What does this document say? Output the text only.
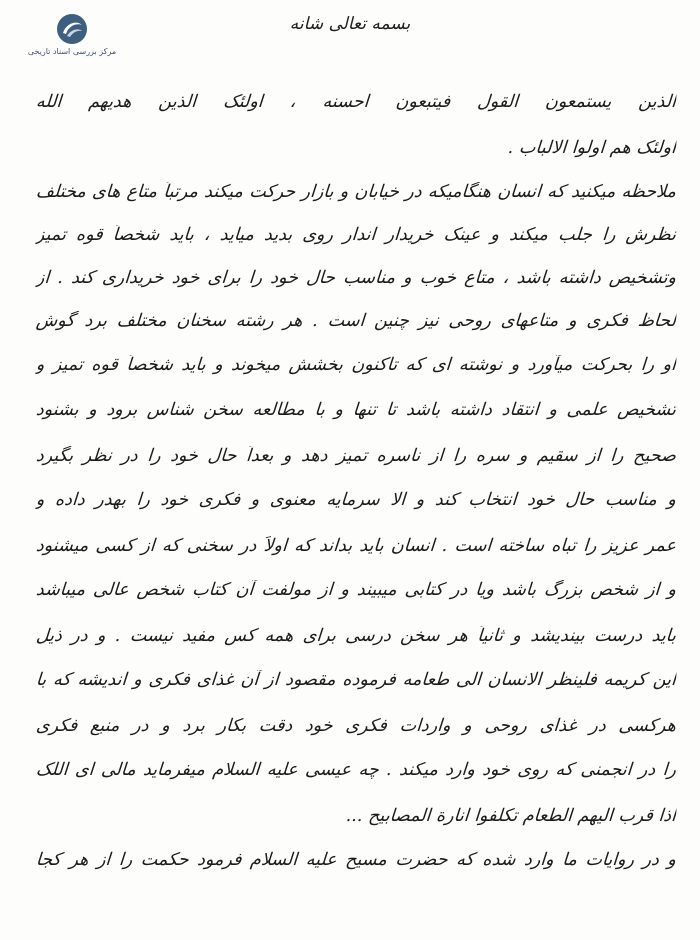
مرکز بررسی اسناد تاریخی
بسمه تعالی شانه
الذین یستمعون القول فیتبعون احسنه ، اولئک الذین هدیهم الله
اولئک هم اولوا الالباب .
ملاحظه میکنید که انسان هنگامیکه در خیابان و بازار حرکت میکند مرتباً متاع های مختلف
نظرش را جلب میکند و عینک خریدار اندار روی بدید میاید ، باید شخصاً قوه تمیز
وتشخیص داشته باشد ، متاع خوب و مناسب حال خود را برای خود خریداری کند . از
لحاظ فکری و متاعهای روحی نیز چنین است . هر رشته سخنان مختلف برد گوش
او را بحرکت میآورد و نوشته ای که تاکنون بخشش میخوند و باید شخصاً قوه تمیز و
تشخیص علمی و انتقاد داشته باشد تا تنها و با مطالعه سخن شناس برود و بشنود
صحیح را از سقیم و سره را از ناسره تمیز دهد و بعداً حال خود را در نظر بگیرد
و مناسب حال خود انتخاب کند و الا سرمایه معنوی و فکری خود را بهدر داده و
عمر عزیز را تباه ساخته است . انسان باید بداند که اولاً در سخنی که از کسی میشنود
و از شخص بزرگ باشد ویا در کتابی میبیند و از مولفت آن کتاب شخص عالی میباشد
باید درست بیندیشد و ثانیاً هر سخن درسی برای همه کس مفید نیست . و در ذیل
این کریمه فلینظر الانسان الی طعامه فرموده مقصود از آن غذای فکری و اندیشه که با
هرکسی در غذای روحی و واردات فکری خود دقت بکار برد و در منبع فکری
را در انجمنی که روی خود وارد میکند . چه عیسی علیه السلام میفرماید مالی ای اللک
اذا قرب الیهم الطعام تکلفوا انارة المصابیح ...
و در روایات ما وارد شده که حضرت مسیح علیه السلام فرمود حکمت را از هر کجا
